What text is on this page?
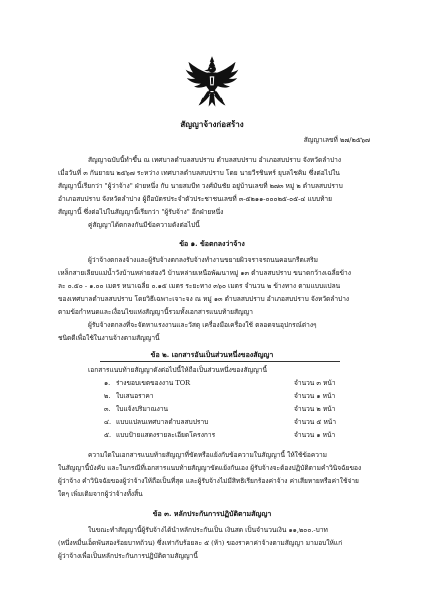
สัญญาจ้างก่อสร้าง
สัญญาเลขที่ ๒๗/๒๕๖๗
สัญญาฉบับนี้ทำขึ้น ณ เทศบาลตำบลสบปราบ ตำบลสบปราบ อำเภอสบปราบ จังหวัดลำปาง
เมื่อวันที่ ๓ กันยายน ๒๕๖๗ ระหว่าง เทศบาลตำบลสบปราบ โดย นายวีรชินทร์ ยุบลไชคิม ซึ่งต่อไปใน
สัญญานี้เรียกว่า "ผู้ว่าจ้าง" ฝ่ายหนึ่ง กับ นายสมบีท วงศ์มันชัย อยู่บ้านเลขที่ ๒๗๓ หมู่ ๒ ตำบลสบปราบ
อำเภอสบปราบ จังหวัดลำปาง ผู้ถือบัตรประจำตัวประชาชนเลขที่ ๓-๕๒๑๑-๐๐๐๒๕-๐๕-๔ แบบท้าย
สัญญานี้ ซึ่งต่อไปในสัญญานี้เรียกว่า "ผู้รับจ้าง" อีกฝ่ายหนึ่ง
คู่สัญญาได้ตกลงกันมีข้อความดังต่อไปนี้
ข้อ ๑. ข้อตกลงว่าจ้าง
ผู้ว่าจ้างตกลงจ้างและผู้รับจ้างตกลงรับจ้างทำงานขยายผิวจราจรถนนคอนกรีตเสริม
เหล็กสายเลียบแม่น้ำวังบ้านหล่ายส่องวี บ้านหล่ายเหนือพัฒนาหมู่ ๑๓ ตำบลสบปราบ ขนาดกว้างเฉลี่ยข้าง
ละ ๐.๕๐ - ๑.๐๐ เมตร หนาเฉลี่ย ๐.๑๕ เมตร ระยะทาง ๓๖๐ เมตร จำนวน ๒ ข้างทาง ตามแบบแปลน
ของเทศบาลตำบลสบปราบ โดยวิธีเฉพาะเจาะจง ณ หมู่ ๑๓ ตำบลสบปราบ อำเภอสบปราบ จังหวัดลำปาง
ตามข้อกำหนดและเงื่อนไขแห่งสัญญานี้รวมทั้งเอกสารแนบท้ายสัญญา
ผู้รับจ้างตกลงที่จะจัดหาแรงงานและวัสดุ เครื่องมือเครื่องใช้ ตลอดจนอุปกรณ์ต่างๆ
ชนิดดีเพื่อใช้ในงานจ้างตามสัญญานี้
ข้อ ๒. เอกสารอันเป็นส่วนหนึ่งของสัญญา
เอกสารแนบท้ายสัญญาดังต่อไปนี้ให้ถือเป็นส่วนหนึ่งของสัญญานี้
๑. ร่างขอบเขตของงาน TOR	จำนวน ๓ หน้า
๒. ใบเสนอราคา	จำนวน ๑ หน้า
๓. ใบแจ้งปริมาณงาน	จำนวน ๒ หน้า
๔. แบบแปลนเทศบาลตำบลสบปราบ	จำนวน ๕ หน้า
๕. แบบป้ายแสดงรายละเอียดโครงการ	จำนวน ๑ หน้า
ความใดในเอกสารแนบท้ายสัญญาที่ขัดหรือแย้งกับข้อความในสัญญานี้ ให้ใช้ข้อความ
ในสัญญานี้บังคับ และในกรณีที่เอกสารแนบท้ายสัญญาขัดแย้งกันเอง ผู้รับจ้างจะต้องปฏิบัติตามคำวินิจฉัยของ
ผู้ว่าจ้าง คำวินิจฉัยของผู้ว่าจ้างให้ถือเป็นที่สุด และผู้รับจ้างไม่มีสิทธิเรียกร้องค่าจ้าง ค่าเสียหายหรือค่าใช้จ่าย
ใดๆ เพิ่มเติมจากผู้ว่าจ้างทั้งสิ้น
ข้อ ๓. หลักประกันการปฏิบัติตามสัญญา
ในขณะทำสัญญานี้ผู้รับจ้างได้นำหลักประกันเป็น เงินสด เป็นจำนวนเงิน ๑๑,๒๐๐.-บาท
(หนึ่งหมื่นเอ็ดพันสองร้อยบาทถ้วน) ซึ่งเท่ากับร้อยละ ๕ (ห้า) ของราคาค่าจ้างตามสัญญา มามอบให้แก่
ผู้ว่าจ้างเพื่อเป็นหลักประกันการปฏิบัติตามสัญญานี้
